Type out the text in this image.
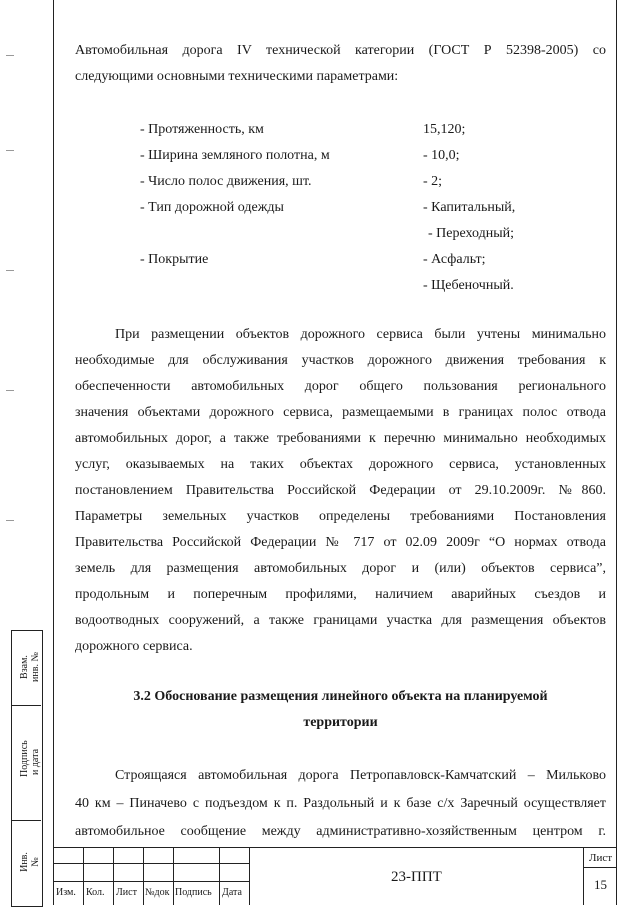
Автомобильная дорога IV технической категории (ГОСТ Р 52398-2005) со
следующими основными техническими параметрами:
- Протяженность, км	15,120;
- Ширина земляного полотна, м	- 10,0;
- Число полос движения, шт.	- 2;
- Тип дорожной одежды	- Капитальный,
- Переходный;
- Покрытие	- Асфальт;
- Щебеночный.
При размещении объектов дорожного сервиса были учтены минимально
необходимые для обслуживания участков дорожного движения требования к
обеспеченности автомобильных дорог общего пользования регионального
значения объектами дорожного сервиса, размещаемыми в границах полос отвода
автомобильных дорог, а также требованиями к перечню минимально необходимых
услуг, оказываемых на таких объектах дорожного сервиса, установленных
постановлением Правительства Российской Федерации от 29.10.2009г. №860.
Параметры земельных участков определены требованиями Постановления
Правительства Российской Федерации № 717 от 02.09 2009г “О нормах отвода
земель для размещения автомобильных дорог и (или) объектов сервиса”,
продольным и поперечным профилями, наличием аварийных съездов и
водоотводных сооружений, а также границами участка для размещения объектов
дорожного сервиса.
3.2 Обоснование размещения линейного объекта на планируемой
территории
Строящаяся автомобильная дорога Петропавловск-Камчатский – Мильково
40 км – Пиначево с подъездом к п. Раздольный и к базе с/х Заречный осуществляет
автомобильное сообщение между административно-хозяйственным центром г.
Взам. инв. №
Подпись и дата
Инв. №
Изм. Кол. Лист №док Подпись Дата
23-ППТ
Лист
15
